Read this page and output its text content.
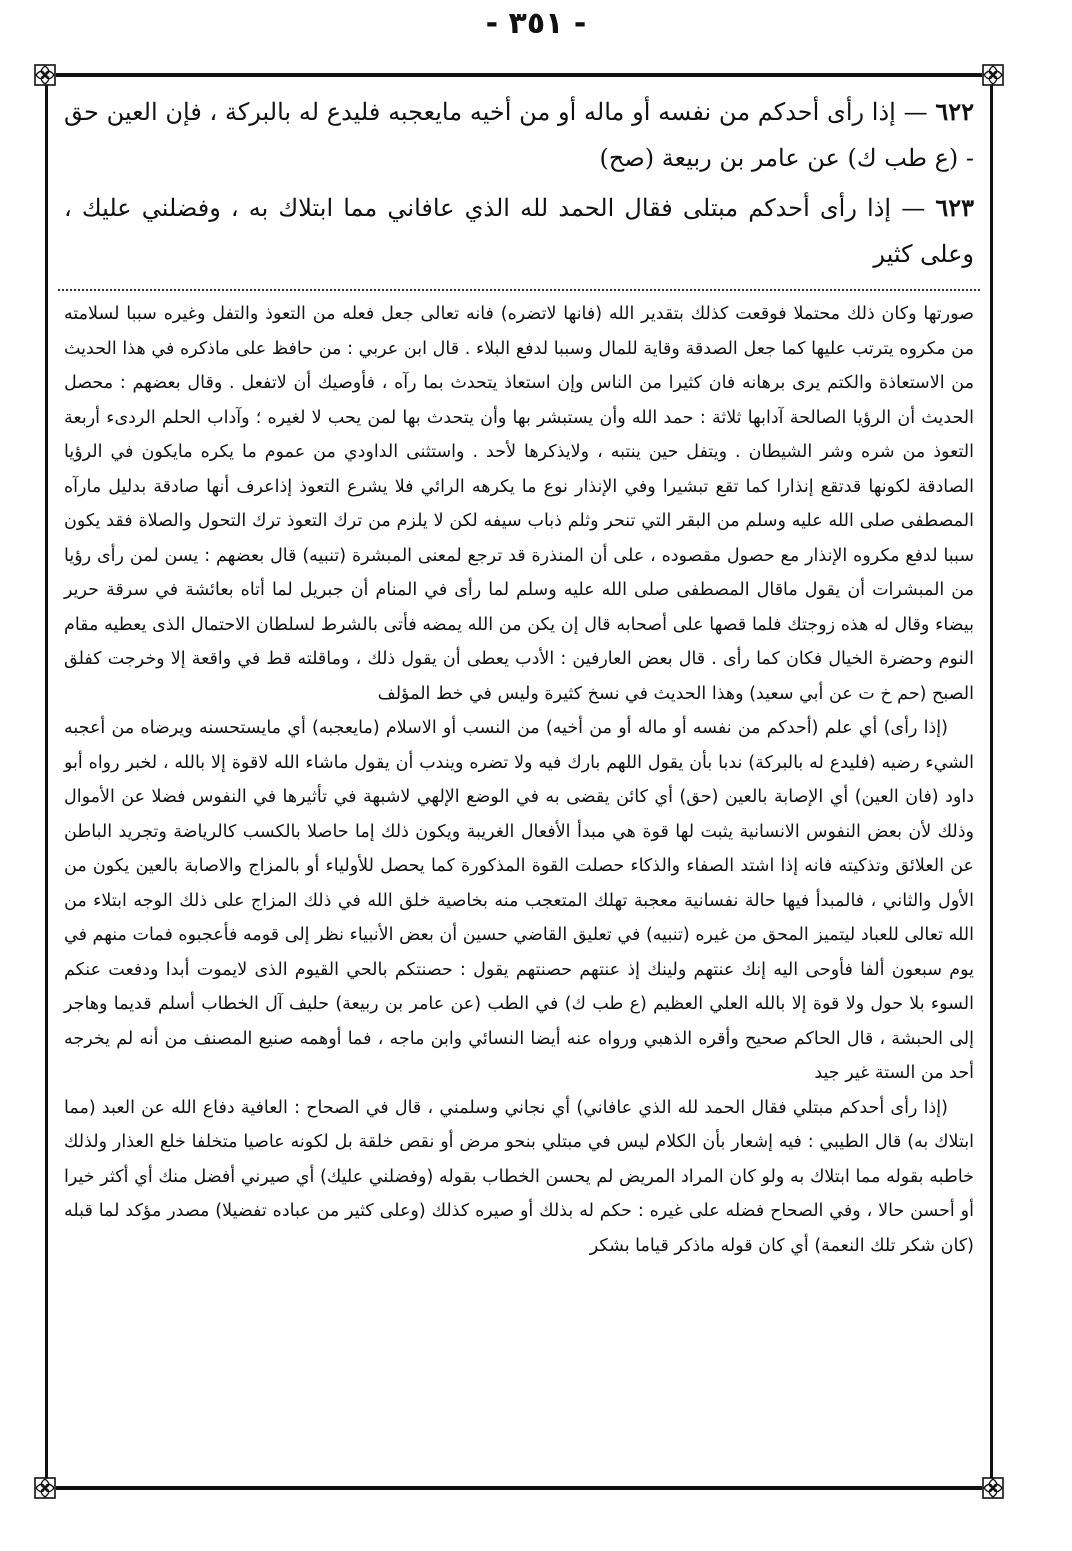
- ٣٥١ -

٦٢٢ — إذا رأى أحدكم من نفسه أو ماله أو من أخيه مايعجبه فليدع له بالبركة ، فإن العين حق - (ع طب ك) عن عامر بن ربيعة (صح)

٦٢٣ — إذا رأى أحدكم مبتلى فقال الحمد لله الذي عافاني مما ابتلاك به ، وفضلني عليك ، وعلى كثير

صورتها وكان ذلك محتملا فوقعت كذلك بتقدير الله (فانها لاتضره) فانه تعالى جعل فعله من التعوذ والتفل وغيره سببا لسلامته من مكروه يترتب عليها كما جعل الصدقة وقاية للمال وسببا لدفع البلاء . قال ابن عربي : من حافظ على ماذكره في هذا الحديث من الاستعاذة والكتم يرى برهانه فان كثيرا من الناس وإن استعاذ يتحدث بما رآه ، فأوصيك أن لاتفعل . وقال بعضهم : محصل الحديث أن الرؤيا الصالحة آدابها ثلاثة : حمد الله وأن يستبشر بها وأن يتحدث بها لمن يحب لا لغيره ؛ وآداب الحلم الردىء أربعة التعوذ من شره وشر الشيطان . ويتفل حين ينتبه ، ولايذكرها لأحد . واستثنى الداودي من عموم ما يكره مايكون في الرؤيا الصادقة لكونها قدتقع إنذارا كما تقع تبشيرا وفي الإنذار نوع ما يكرهه الرائي فلا يشرع التعوذ إذاعرف أنها صادقة بدليل مارآه المصطفى صلى الله عليه وسلم من البقر التي تنحر وثلم ذباب سيفه لكن لا يلزم من ترك التعوذ ترك التحول والصلاة فقد يكون سببا لدفع مكروه الإنذار مع حصول مقصوده ، على أن المنذرة قد ترجع لمعنى المبشرة (تنبيه) قال بعضهم : يسن لمن رأى رؤيا من المبشرات أن يقول ماقال المصطفى صلى الله عليه وسلم لما رأى في المنام أن جبريل لما أتاه بعائشة في سرقة حرير بيضاء وقال له هذه زوجتك فلما قصها على أصحابه قال إن يكن من الله يمضه فأتى بالشرط لسلطان الاحتمال الذى يعطيه مقام النوم وحضرة الخيال فكان كما رأى . قال بعض العارفين : الأدب يعطى أن يقول ذلك ، وماقلته قط في واقعة إلا وخرجت كفلق الصبح (حم خ ت عن أبي سعيد) وهذا الحديث في نسخ كثيرة وليس في خط المؤلف

(إذا رأى) أي علم (أحدكم من نفسه أو ماله أو من أخيه) من النسب أو الاسلام (مايعجبه) أي مايستحسنه ويرضاه من أعجبه الشيء رضيه (فليدع له بالبركة) ندبا بأن يقول اللهم بارك فيه ولا تضره ويندب أن يقول ماشاء الله لاقوة إلا بالله ، لخبر رواه أبو داود (فان العين) أي الإصابة بالعين (حق) أي كائن يقضى به في الوضع الإلهي لاشبهة في تأثيرها في النفوس فضلا عن الأموال وذلك لأن بعض النفوس الانسانية يثبت لها قوة هي مبدأ الأفعال الغريبة ويكون ذلك إما حاصلا بالكسب كالرياضة وتجريد الباطن عن العلائق وتذكيته فانه إذا اشتد الصفاء والذكاء حصلت القوة المذكورة كما يحصل للأولياء أو بالمزاج والاصابة بالعين يكون من الأول والثاني ، فالمبدأ فيها حالة نفسانية معجبة تهلك المتعجب منه بخاصية خلق الله في ذلك المزاج على ذلك الوجه ابتلاء من الله تعالى للعباد ليتميز المحق من غيره (تنبيه) في تعليق القاضي حسين أن بعض الأنبياء نظر إلى قومه فأعجبوه فمات منهم في يوم سبعون ألفا فأوحى اليه إنك عنتهم ولينك إذ عنتهم حصنتهم يقول : حصنتكم بالحي القيوم الذى لايموت أبدا ودفعت عنكم السوء بلا حول ولا قوة إلا بالله العلي العظيم (ع طب ك) في الطب (عن عامر بن ربيعة) حليف آل الخطاب أسلم قديما وهاجر إلى الحبشة ، قال الحاكم صحيح وأقره الذهبي ورواه عنه أيضا النسائي وابن ماجه ، فما أوهمه صنيع المصنف من أنه لم يخرجه أحد من الستة غير جيد

(إذا رأى أحدكم مبتلي فقال الحمد لله الذي عافاني) أي نجاني وسلمني ، قال في الصحاح : العافية دفاع الله عن العبد (مما ابتلاك به) قال الطيبي : فيه إشعار بأن الكلام ليس في مبتلي بنحو مرض أو نقص خلقة بل لكونه عاصيا متخلفا خلع العذار ولذلك خاطبه بقوله مما ابتلاك به ولو كان المراد المريض لم يحسن الخطاب بقوله (وفضلني عليك) أي صيرني أفضل منك أي أكثر خيرا أو أحسن حالا ، وفي الصحاح فضله على غيره : حكم له بذلك أو صيره كذلك (وعلى كثير من عباده تفضيلا) مصدر مؤكد لما قبله (كان شكر تلك النعمة) أي كان قوله ماذكر قياما بشكر
